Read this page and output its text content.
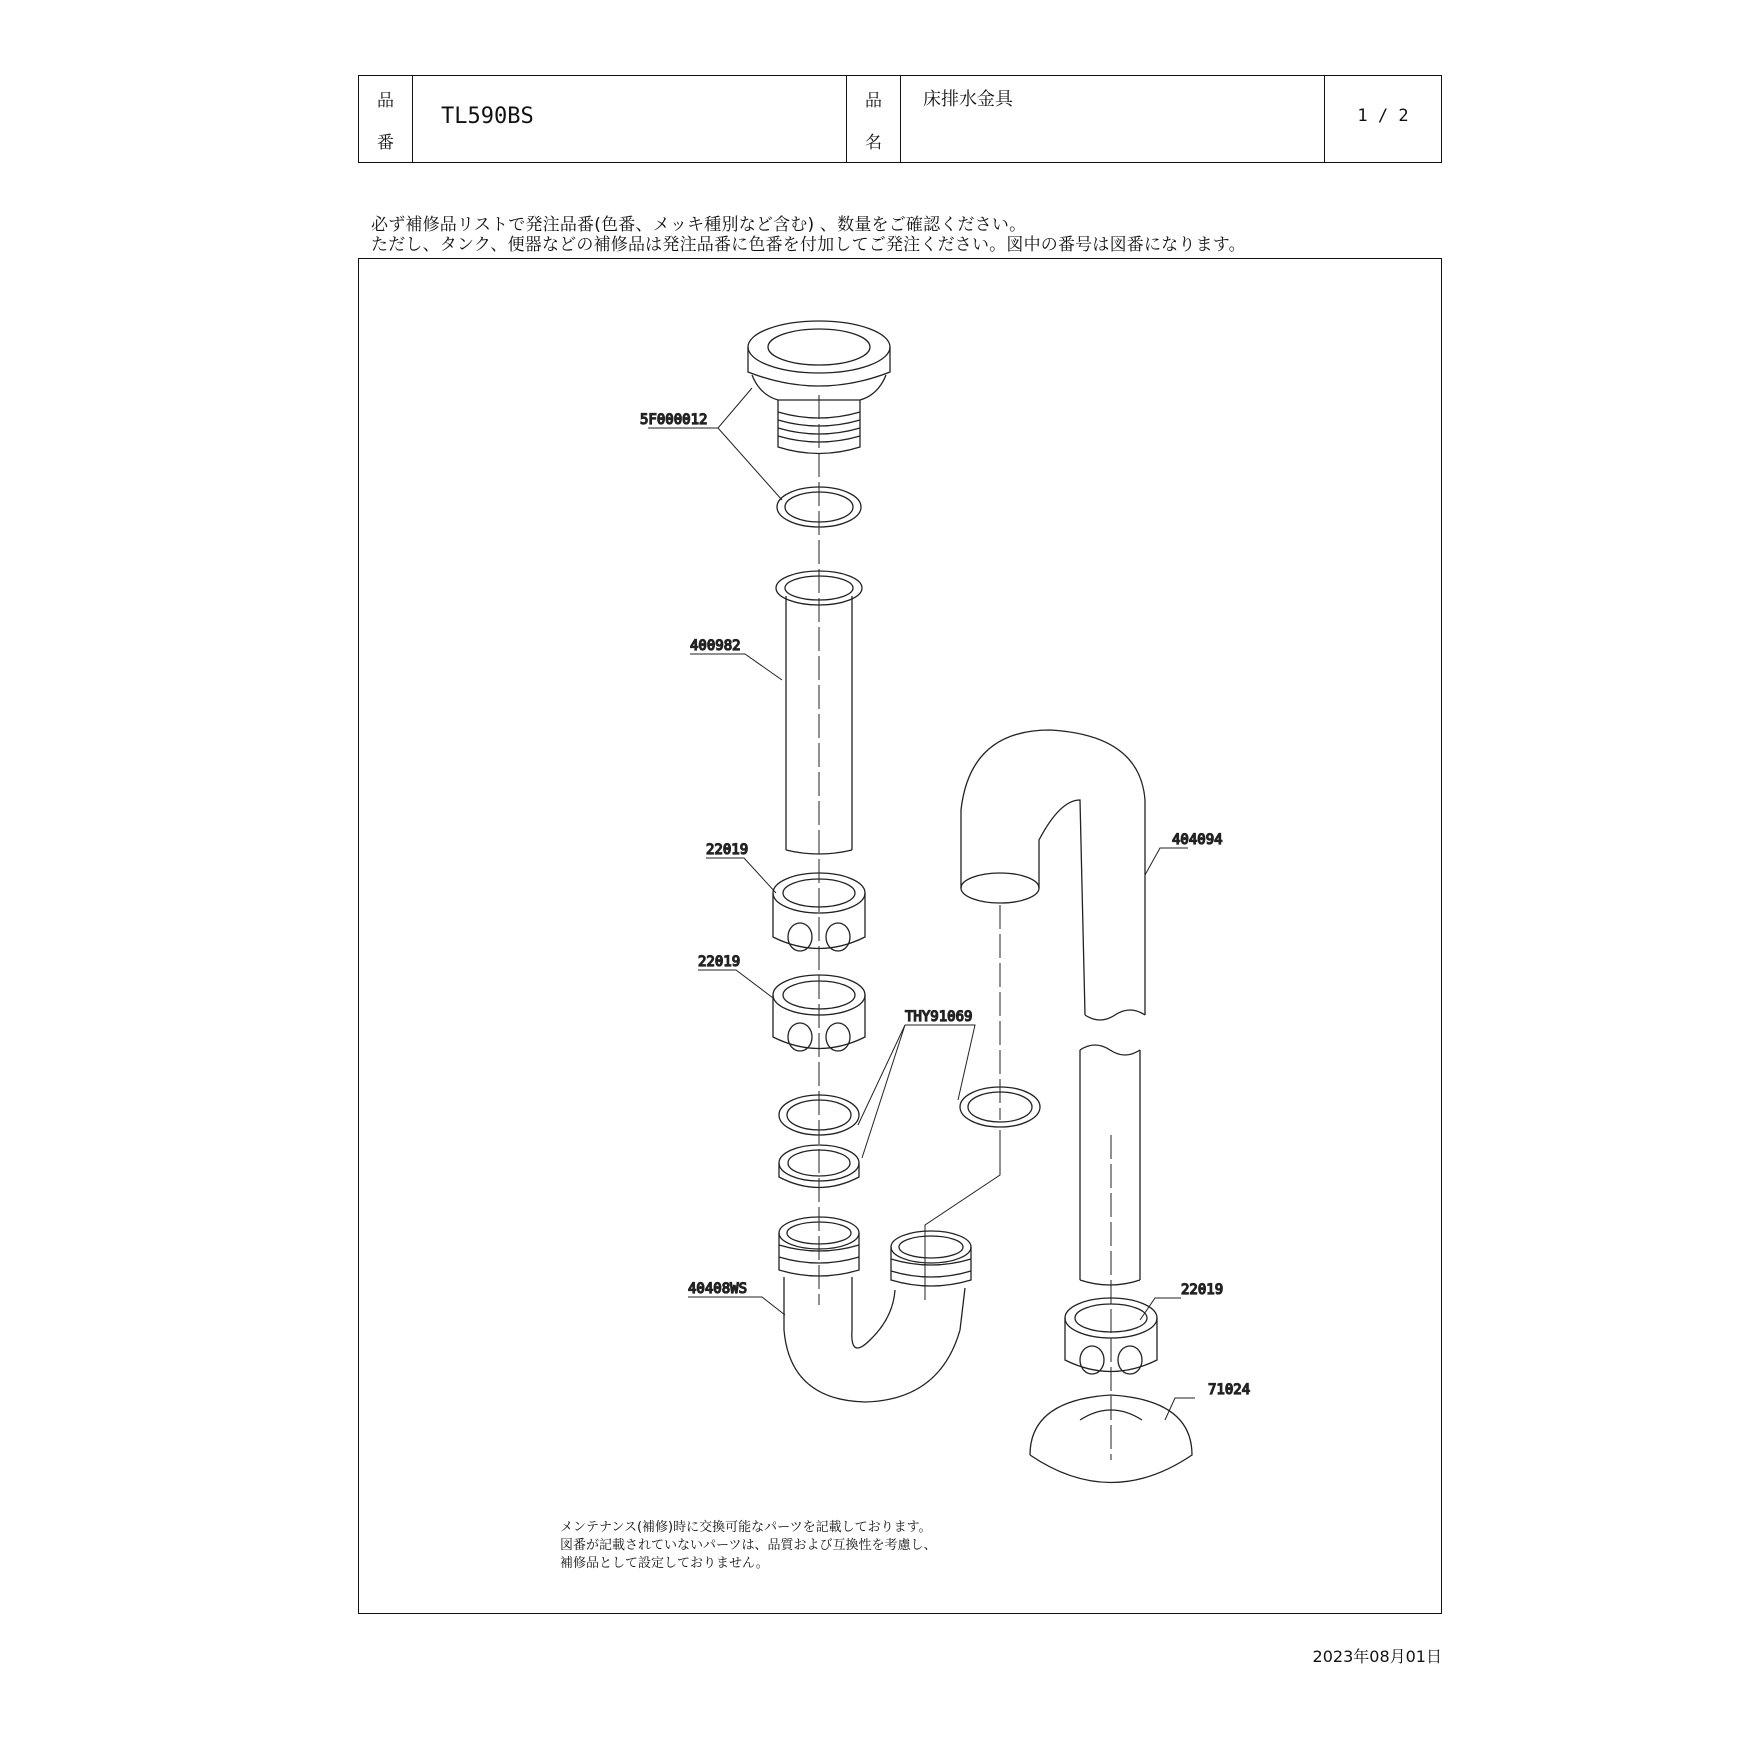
品
番
TL590BS
品
名
床排水金具
1 / 2
必ず補修品リストで発注品番(色番、メッキ種別など含む) 、数量をご確認ください。
ただし、タンク、便器などの補修品は発注品番に色番を付加してご発注ください。図中の番号は図番になります。
5F000012
400982
22019
22019
THY91069
40408WS
404094
22019
71024
メンテナンス(補修)時に交換可能なパーツを記載しております。
図番が記載されていないパーツは、品質および互換性を考慮し、
補修品として設定しておりません。
2023年08月01日
